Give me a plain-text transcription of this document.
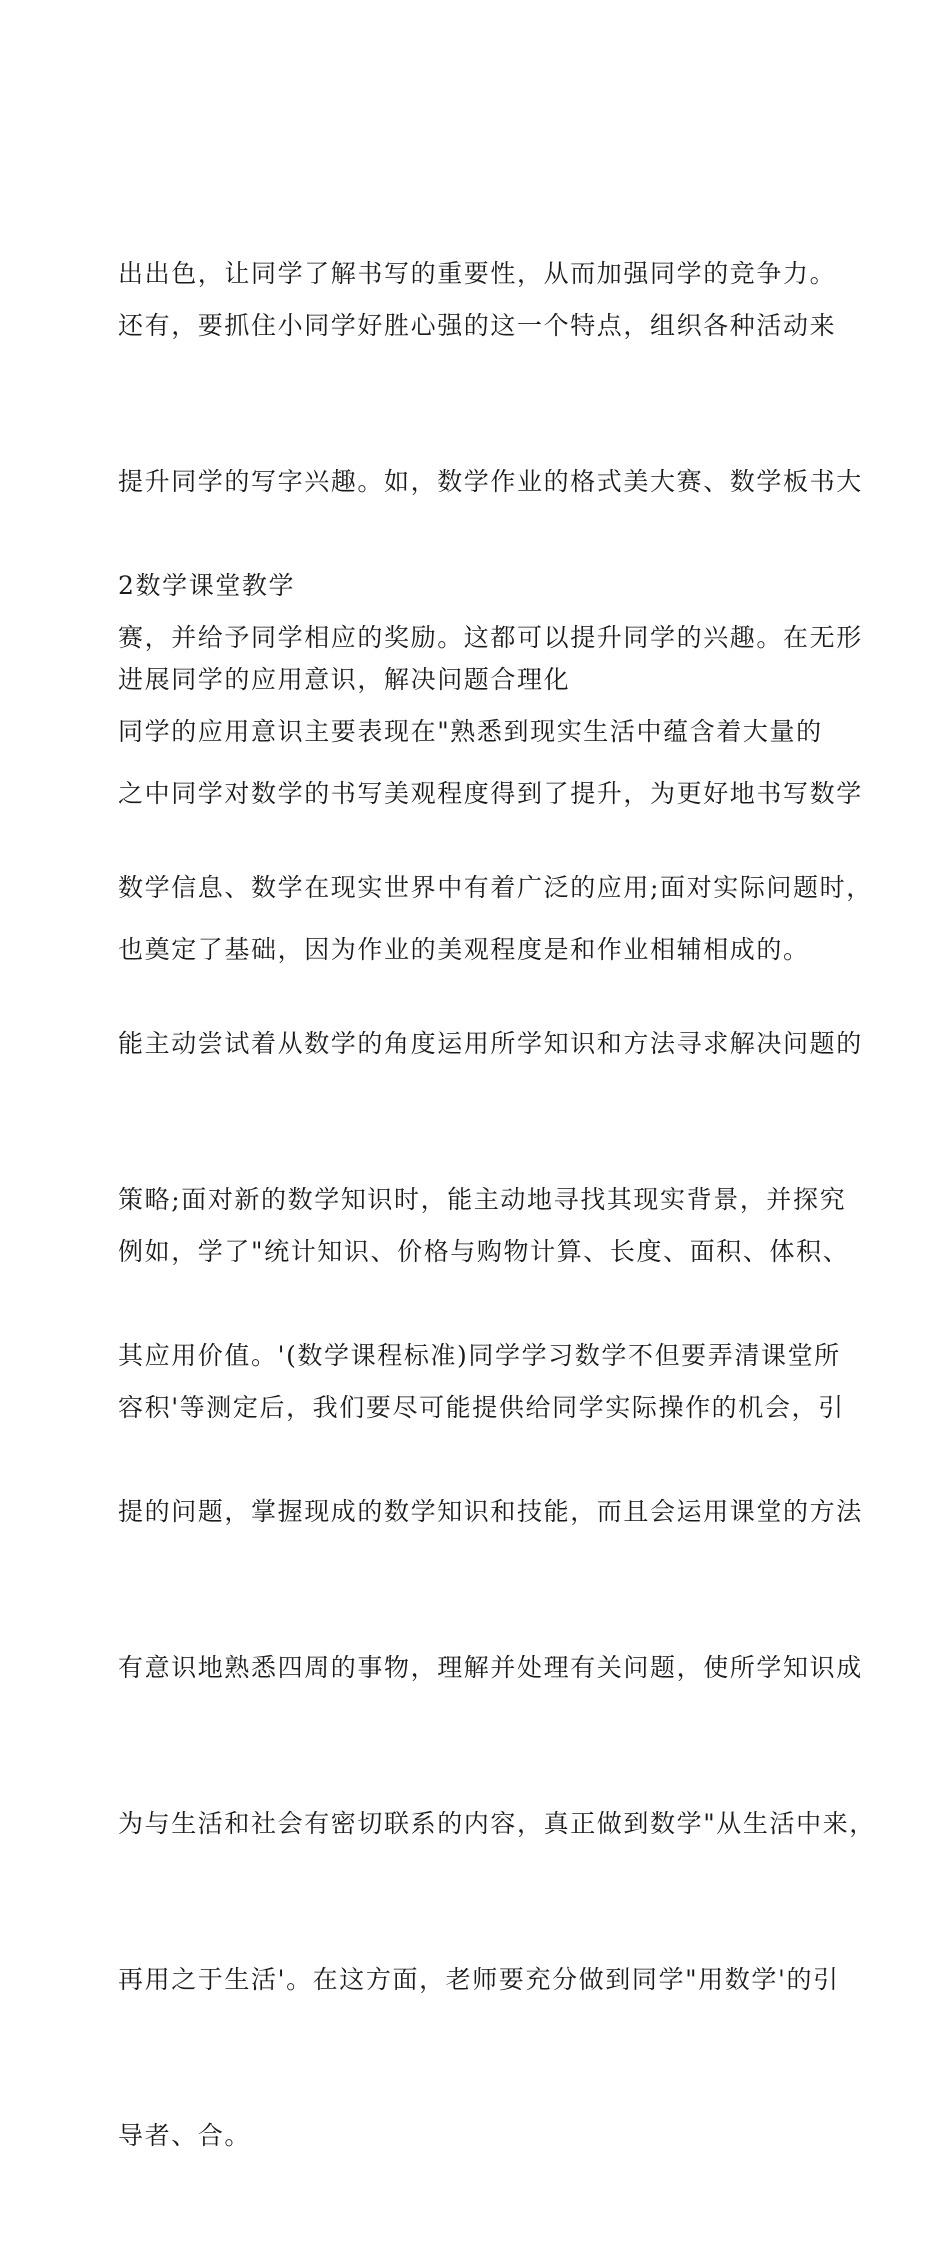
出出色，让同学了解书写的重要性，从而加强同学的竞争力。

还有，要抓住小同学好胜心强的这一个特点，组织各种活动来

提升同学的写字兴趣。如，数学作业的格式美大赛、数学板书大

赛，并给予同学相应的奖励。这都可以提升同学的兴趣。在无形

之中同学对数学的书写美观程度得到了提升，为更好地书写数学

也奠定了基础，因为作业的美观程度是和作业相辅相成的。

2数学课堂教学

进展同学的应用意识，解决问题合理化

同学的应用意识主要表现在"熟悉到现实生活中蕴含着大量的

数学信息、数学在现实世界中有着广泛的应用;面对实际问题时，

能主动尝试着从数学的角度运用所学知识和方法寻求解决问题的

策略;面对新的数学知识时，能主动地寻找其现实背景，并探究

其应用价值。'(数学课程标准)同学学习数学不但要弄清课堂所

提的问题，掌握现成的数学知识和技能，而且会运用课堂的方法

有意识地熟悉四周的事物，理解并处理有关问题，使所学知识成

为与生活和社会有密切联系的内容，真正做到数学"从生活中来，

再用之于生活'。在这方面，老师要充分做到同学"用数学'的引

导者、合。

例如，学了"统计知识、价格与购物计算、长度、面积、体积、

容积'等测定后，我们要尽可能提供给同学实际操作的机会，引
